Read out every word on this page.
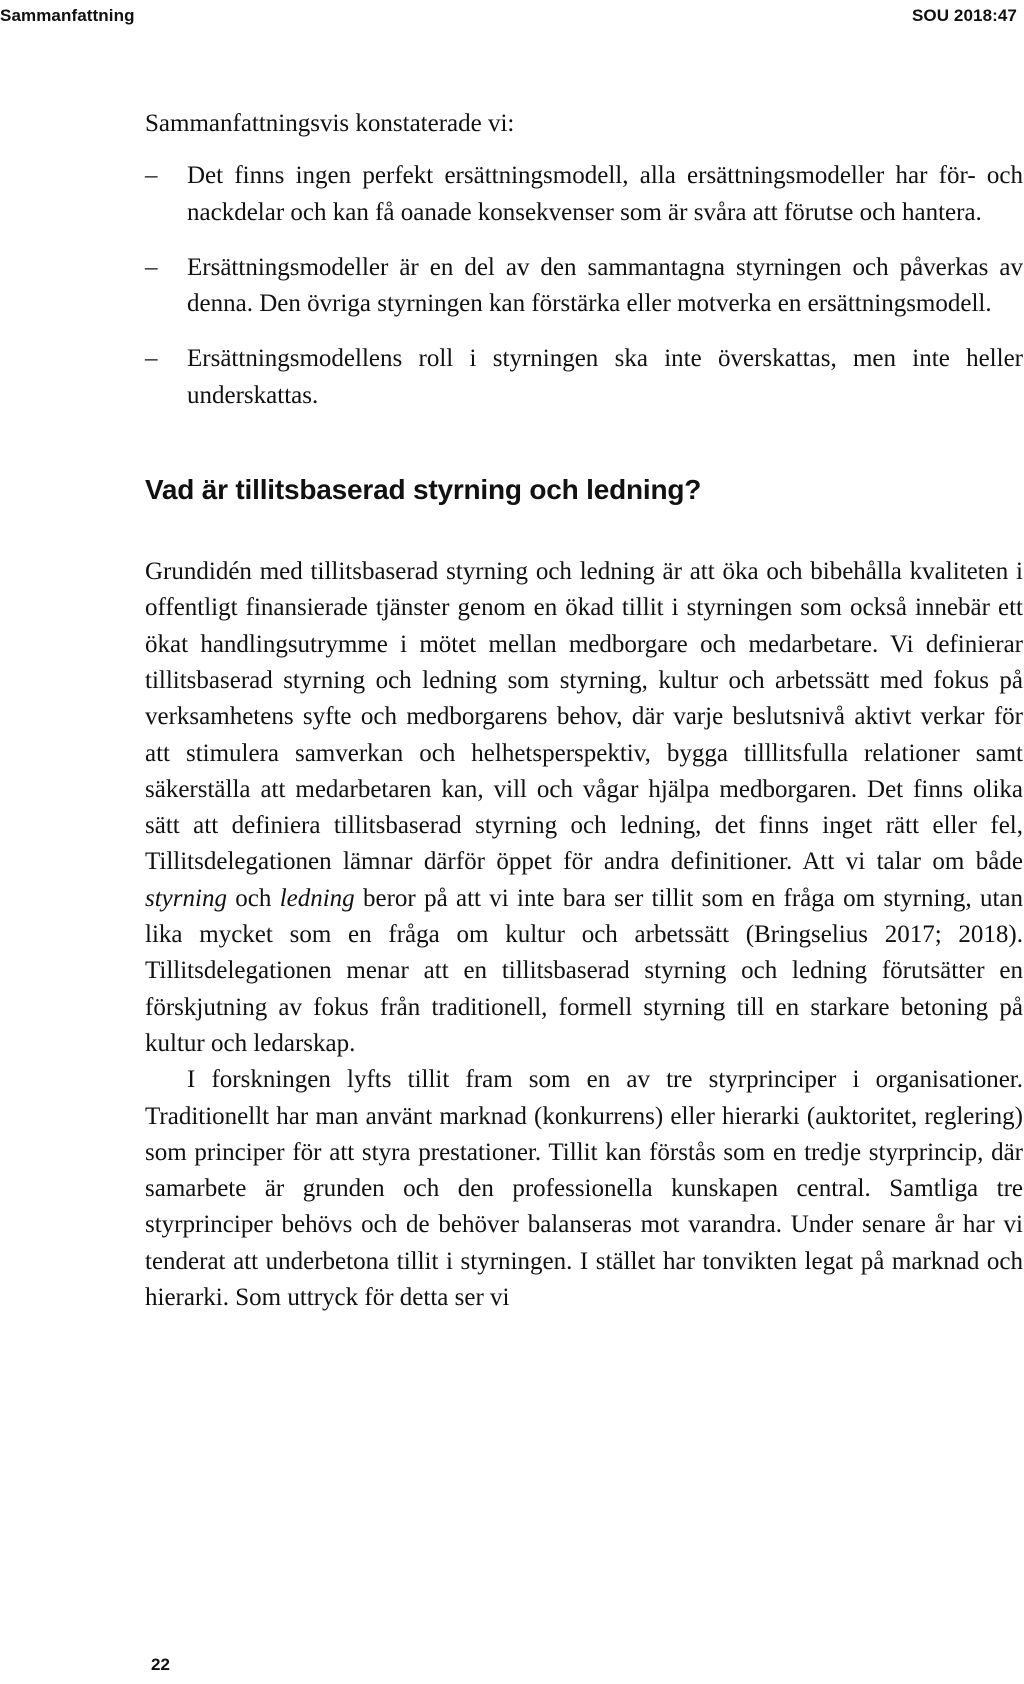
Sammanfattning	SOU 2018:47

Sammanfattningsvis konstaterade vi:

– Det finns ingen perfekt ersättningsmodell, alla ersättningsmodeller har för- och nackdelar och kan få oanade konsekvenser som är svåra att förutse och hantera.
– Ersättningsmodeller är en del av den sammantagna styrningen och påverkas av denna. Den övriga styrningen kan förstärka eller motverka en ersättningsmodell.
– Ersättningsmodellens roll i styrningen ska inte överskattas, men inte heller underskattas.
Vad är tillitsbaserad styrning och ledning?

Grundidén med tillitsbaserad styrning och ledning är att öka och bibehålla kvaliteten i offentligt finansierade tjänster genom en ökad tillit i styrningen som också innebär ett ökat handlingsutrymme i mötet mellan medborgare och medarbetare. Vi definierar tillitsbaserad styrning och ledning som styrning, kultur och arbetssätt med fokus på verksamhetens syfte och medborgarens behov, där varje beslutsnivå aktivt verkar för att stimulera samverkan och helhetsperspektiv, bygga tilllitsfulla relationer samt säkerställa att medarbetaren kan, vill och vågar hjälpa medborgaren. Det finns olika sätt att definiera tillitsbaserad styrning och ledning, det finns inget rätt eller fel, Tillitsdelegationen lämnar därför öppet för andra definitioner. Att vi talar om både styrning och ledning beror på att vi inte bara ser tillit som en fråga om styrning, utan lika mycket som en fråga om kultur och arbetssätt (Bringselius 2017; 2018). Tillitsdelegationen menar att en tillitsbaserad styrning och ledning förutsätter en förskjutning av fokus från traditionell, formell styrning till en starkare betoning på kultur och ledarskap.

I forskningen lyfts tillit fram som en av tre styrprinciper i organisationer. Traditionellt har man använt marknad (konkurrens) eller hierarki (auktoritet, reglering) som principer för att styra prestationer. Tillit kan förstås som en tredje styrprincip, där samarbete är grunden och den professionella kunskapen central. Samtliga tre styrprinciper behövs och de behöver balanseras mot varandra. Under senare år har vi tenderat att underbetona tillit i styrningen. I stället har tonvikten legat på marknad och hierarki. Som uttryck för detta ser vi

22
